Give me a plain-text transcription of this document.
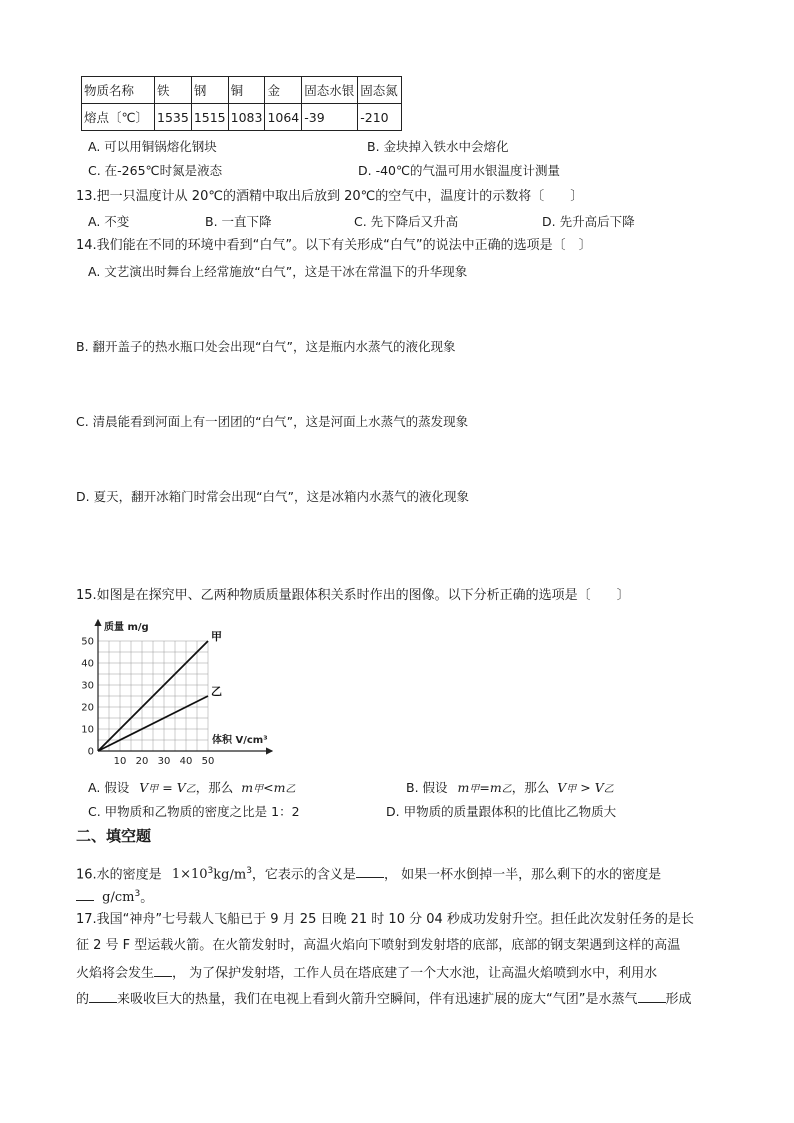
物质名称	铁	钢	铜	金	固态水银	固态氮
熔点〔℃〕	1535	1515	1083	1064	-39	-210
A. 可以用铜锅熔化钢块	B. 金块掉入铁水中会熔化
C. 在-265℃时氮是液态	D. -40℃的气温可用水银温度计测量
13.把一只温度计从 20℃的酒精中取出后放到 20℃的空气中，温度计的示数将〔　　〕
A. 不变	B. 一直下降	C. 先下降后又升高	D. 先升高后下降
14.我们能在不同的环境中看到“白气”。以下有关形成“白气”的说法中正确的选项是〔　〕
A. 文艺演出时舞台上经常施放“白气”，这是干冰在常温下的升华现象
B. 翻开盖子的热水瓶口处会出现“白气”，这是瓶内水蒸气的液化现象
C. 清晨能看到河面上有一团团的“白气”，这是河面上水蒸气的蒸发现象
D. 夏天，翻开冰箱门时常会出现“白气”，这是冰箱内水蒸气的液化现象
15.如图是在探究甲、乙两种物质质量跟体积关系时作出的图像。以下分析正确的选项是〔　　〕
0
10
20
30
40
50
10 20 30 40 50
甲
乙
质量 m/g
体积 V/cm³
A. 假设 V甲 = V乙，那么 m甲<m乙	B. 假设 m甲=m乙，那么 V甲 > V乙
C. 甲物质和乙物质的密度之比是 1：2	D. 甲物质的质量跟体积的比值比乙物质大
二、填空题
16.水的密度是 $1\times 10^3kg/m^3$，它表示的含义是 ， 如果一杯水倒掉一半，那么剩下的水的密度是
$g/cm^3$。
17.我国“神舟”七号载人飞船已于 9 月 25 日晚 21 时 10 分 04 秒成功发射升空。担任此次发射任务的是长
征 2 号 F 型运载火箭。在火箭发射时，高温火焰向下喷射到发射塔的底部，底部的钢支架遇到这样的高温
火焰将会发生 ， 为了保护发射塔，工作人员在塔底建了一个大水池，让高温火焰喷到水中，利用水
的 来吸收巨大的热量，我们在电视上看到火箭升空瞬间，伴有迅速扩展的庞大“气团”是水蒸气 形成
